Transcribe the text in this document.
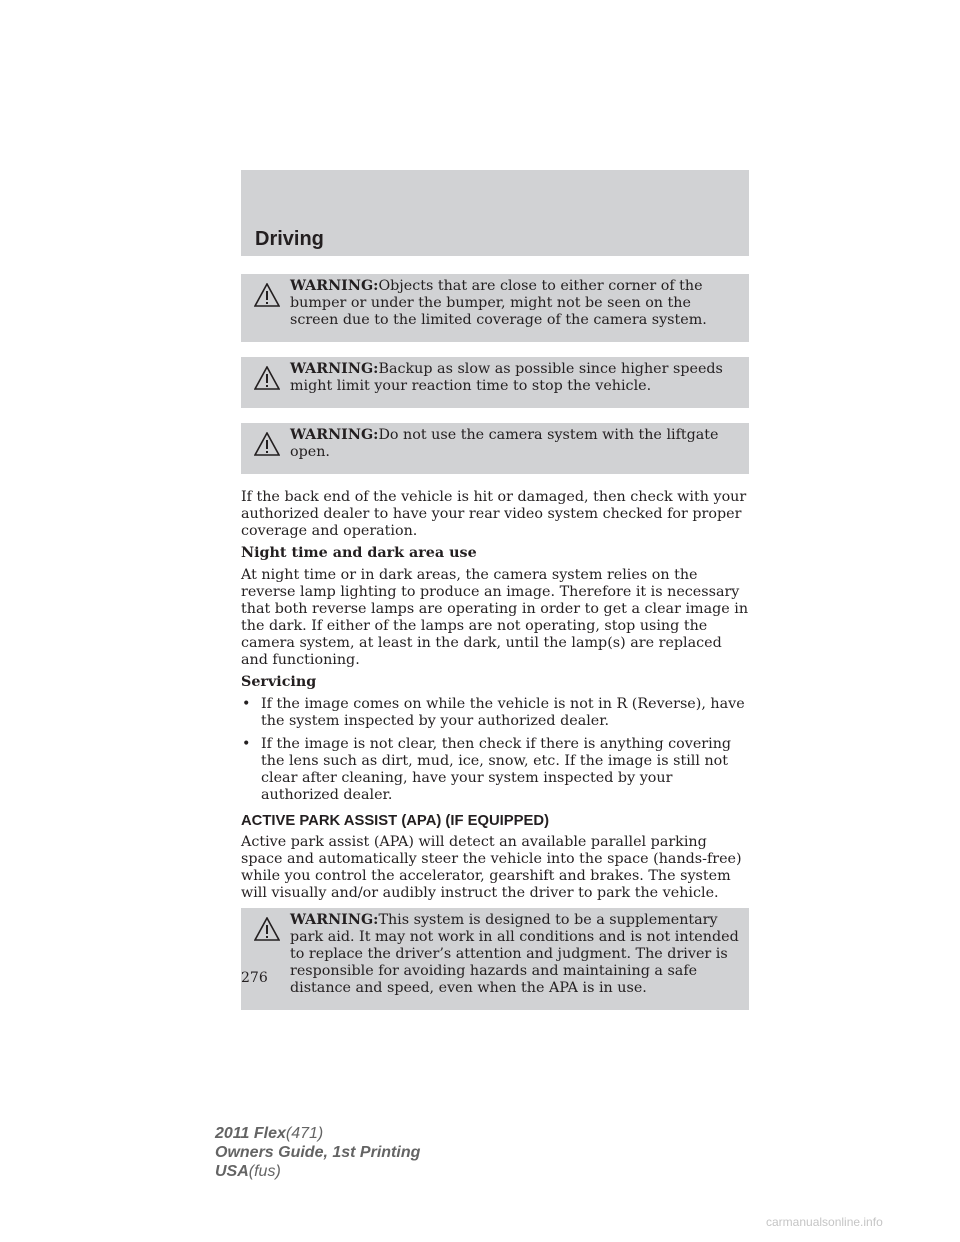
Driving
WARNING:Objects that are close to either corner of the bumper or under the bumper, might not be seen on the screen due to the limited coverage of the camera system.
WARNING:Backup as slow as possible since higher speeds might limit your reaction time to stop the vehicle.
WARNING:Do not use the camera system with the liftgate open.

If the back end of the vehicle is hit or damaged, then check with your authorized dealer to have your rear video system checked for proper coverage and operation.

Night time and dark area use

At night time or in dark areas, the camera system relies on the reverse lamp lighting to produce an image. Therefore it is necessary that both reverse lamps are operating in order to get a clear image in the dark. If either of the lamps are not operating, stop using the camera system, at least in the dark, until the lamp(s) are replaced and functioning.

Servicing

• If the image comes on while the vehicle is not in R (Reverse), have the system inspected by your authorized dealer.
• If the image is not clear, then check if there is anything covering the lens such as dirt, mud, ice, snow, etc. If the image is still not clear after cleaning, have your system inspected by your authorized dealer.
ACTIVE PARK ASSIST (APA) (IF EQUIPPED)

Active park assist (APA) will detect an available parallel parking space and automatically steer the vehicle into the space (hands-free) while you control the accelerator, gearshift and brakes. The system will visually and/or audibly instruct the driver to park the vehicle.

WARNING:This system is designed to be a supplementary park aid. It may not work in all conditions and is not intended to replace the driver’s attention and judgment. The driver is responsible for avoiding hazards and maintaining a safe distance and speed, even when the APA is in use.
276
2011 Flex(471)
Owners Guide, 1st Printing
USA(fus)
carmanualsonline.info
